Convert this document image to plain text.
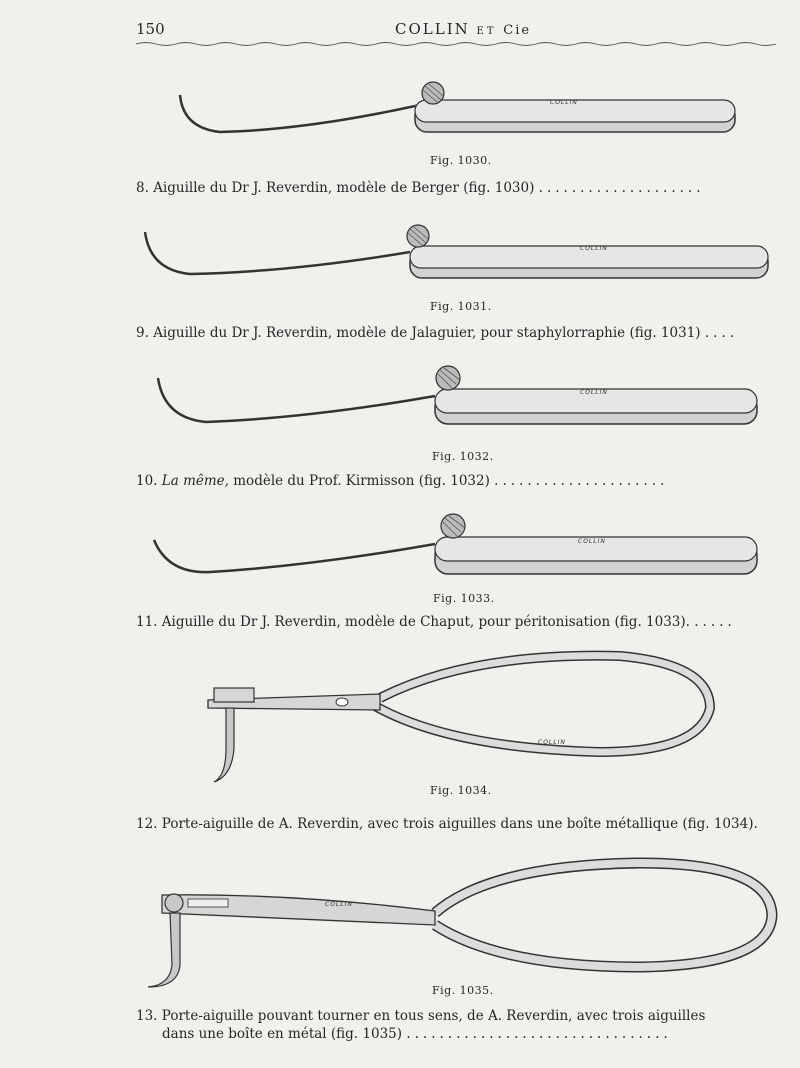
150	COLLIN ET Cie
COLLIN
Fig. 1030.
8. Aiguille du Dr J. Reverdin, modèle de Berger (fig. 1030) ....................
COLLIN
Fig. 1031.
9. Aiguille du Dr J. Reverdin, modèle de Jalaguier, pour staphylorraphie (fig. 1031) ....
COLLIN
Fig. 1032.
10. La même, modèle du Prof. Kirmisson (fig. 1032) .....................
COLLIN
Fig. 1033.
11. Aiguille du Dr J. Reverdin, modèle de Chaput, pour péritonisation (fig. 1033). .....
COLLIN
Fig. 1034.
12. Porte-aiguille de A. Reverdin, avec trois aiguilles dans une boîte métallique (fig. 1034).
COLLIN
Fig. 1035.
13. Porte-aiguille pouvant tourner en tous sens, de A. Reverdin, avec trois aiguilles
dans une boîte en métal (fig. 1035) ................................
